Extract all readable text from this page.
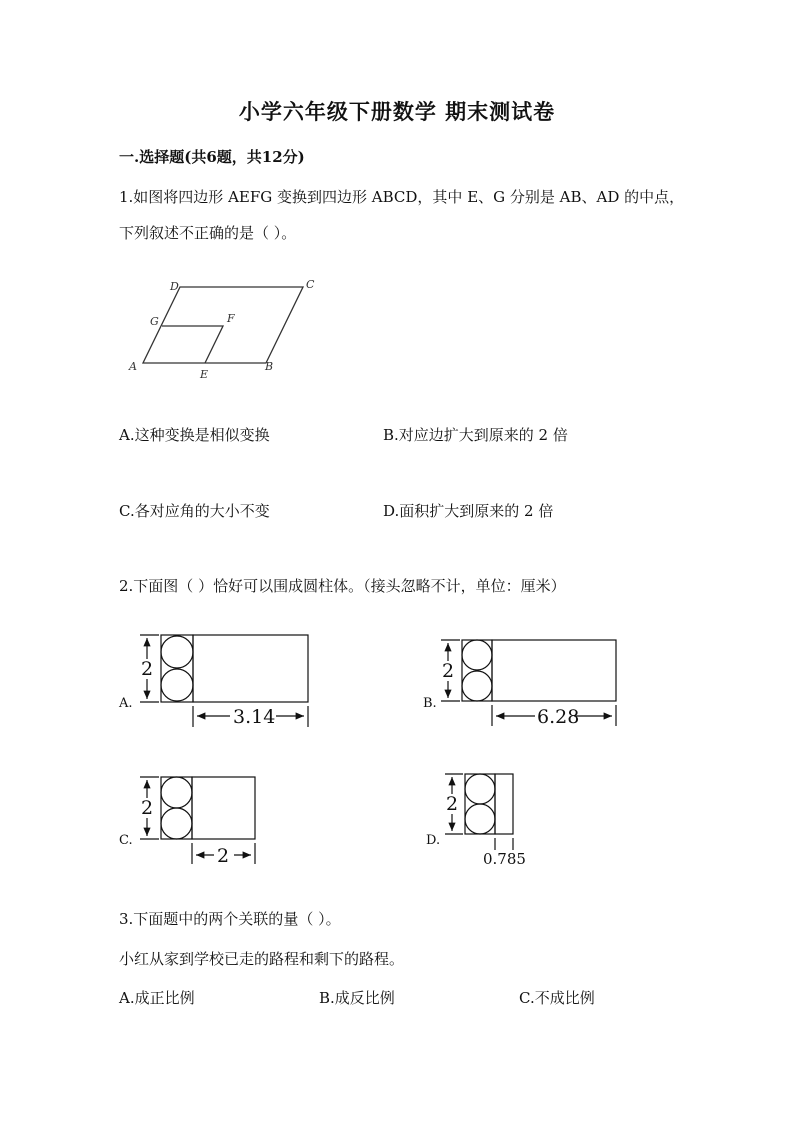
小学六年级下册数学 期末测试卷
一.选择题(共6题，共12分)
1.如图将四边形 AEFG 变换到四边形 ABCD，其中 E、G 分别是 AB、AD 的中点，
下列叙述不正确的是（ ）。
A
E
B
C
D
G	F
A.这种变换是相似变换	B.对应边扩大到原来的 2 倍
C.各对应角的大小不变	D.面积扩大到原来的 2 倍
2.下面图（ ）恰好可以围成圆柱体。（接头忽略不计，单位：厘米）
2
3.14
A.
2
6.28
B.
2
2
C.
2
0.785
D.
3.下面题中的两个关联的量（ ）。
小红从家到学校已走的路程和剩下的路程。
A.成正比例	B.成反比例	C.不成比例
